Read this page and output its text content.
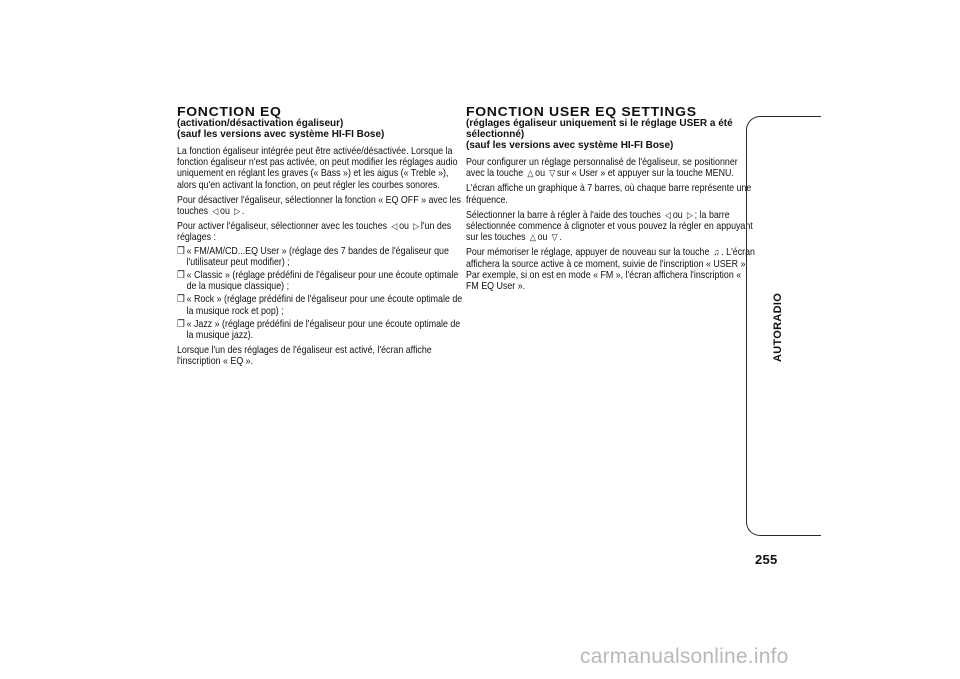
FONCTION EQ

(activation/désactivation égaliseur)

(sauf les versions avec système HI-FI Bose)

La fonction égaliseur intégrée peut être activée/désactivée. Lorsque la fonction égaliseur n'est pas activée, on peut modifier les réglages audio uniquement en réglant les graves (« Bass ») et les aigus (« Treble »), alors qu'en activant la fonction, on peut régler les courbes sonores.

Pour désactiver l'égaliseur, sélectionner la fonction « EQ OFF » avec les touches ◁ ou ▷ .

Pour activer l'égaliseur, sélectionner avec les touches ◁ ou ▷ l'un des réglages :

❒ « FM/AM/CD...EQ User » (réglage des 7 bandes de l'égaliseur que l'utilisateur peut modifier) ;
❒ « Classic » (réglage prédéfini de l'égaliseur pour une écoute optimale de la musique classique) ;
❒ « Rock » (réglage prédéfini de l'égaliseur pour une écoute optimale de la musique rock et pop) ;
❒ « Jazz » (réglage prédéfini de l'égaliseur pour une écoute optimale de la musique jazz).

Lorsque l'un des réglages de l'égaliseur est activé, l'écran affiche l'inscription « EQ ».

FONCTION USER EQ SETTINGS

(réglages égaliseur uniquement si le réglage USER a été sélectionné)

(sauf les versions avec système HI-FI Bose)

Pour configurer un réglage personnalisé de l'égaliseur, se positionner avec la touche △ ou ▽ sur « User » et appuyer sur la touche MENU.

L'écran affiche un graphique à 7 barres, où chaque barre représente une fréquence.

Sélectionner la barre à régler à l'aide des touches ◁ ou ▷ ; la barre sélectionnée commence à clignoter et vous pouvez la régler en appuyant sur les touches △ ou ▽ .

Pour mémoriser le réglage, appuyer de nouveau sur la touche ♫ . L'écran affichera la source active à ce moment, suivie de l'inscription « USER ». Par exemple, si on est en mode « FM », l'écran affichera l'inscription « FM EQ User ».

AUTORADIO
255
carmanualsonline.info
